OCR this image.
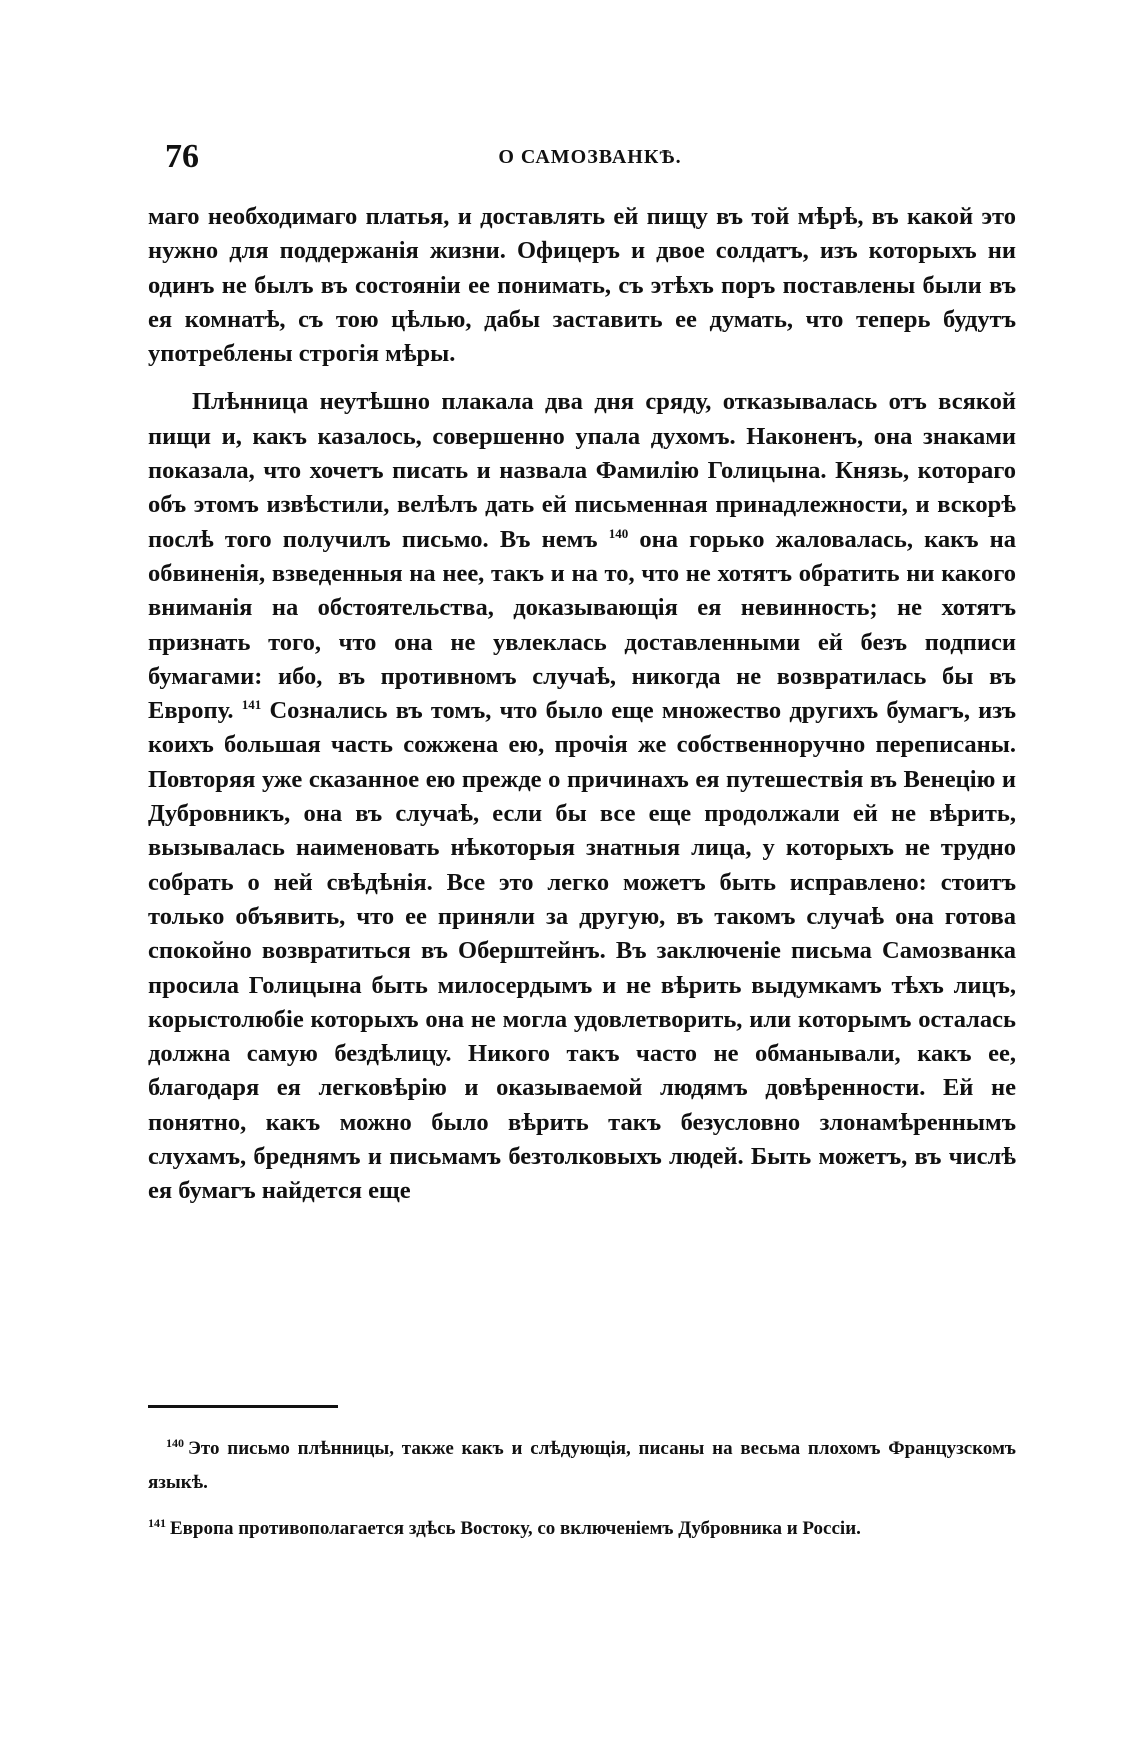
76	О САМОЗВАНКѢ.

маго необходимаго платья, и доставлять ей пищу въ той мѣрѣ, въ какой это нужно для поддержанія жизни. Офицеръ и двое солдатъ, изъ которыхъ ни одинъ не былъ въ состояніи ее понимать, съ этѣхъ поръ поставлены были въ ея комнатѣ, съ тою цѣлью, дабы заставить ее думать, что теперь будутъ употреблены строгія мѣры.

Плѣнница неутѣшно плакала два дня сряду, отказывалась отъ всякой пищи и, какъ казалось, совершенно упала духомъ. Наконенъ, она знаками показала, что хочетъ писать и назвала Фамилію Голицына. Князь, котораго объ этомъ извѣстили, велѣлъ дать ей письменная принадлежности, и вскорѣ послѣ того получилъ письмо. Въ немъ $^{140}$ она горько жаловалась, какъ на обвиненія, взведенныя на нее, такъ и на то, что не хотятъ обратить ни какого вниманія на обстоятельства, доказывающія ея невинность; не хотятъ признать того, что она не увлеклась доставленными ей безъ подписи бумагами: ибо, въ противномъ случаѣ, никогда не возвратилась бы въ Европу. $^{141}$ Сознались въ томъ, что было еще множество другихъ бумагъ, изъ коихъ большая часть сожжена ею, прочія же собственноручно переписаны. Повторяя уже сказанное ею прежде о причинахъ ея путешествія въ Венецію и Дубровникъ, она въ случаѣ, если бы все еще продолжали ей не вѣрить, вызывалась наименовать нѣкоторыя знатныя лица, у которыхъ не трудно собрать о ней свѣдѣнія. Все это легко можетъ быть исправлено: стоитъ только объявить, что ее приняли за другую, въ такомъ случаѣ она готова спокойно возвратиться въ Оберштейнъ. Въ заключеніе письма Самозванка просила Голицына быть милосердымъ и не вѣрить выдумкамъ тѣхъ лицъ, корыстолюбіе которыхъ она не могла удовлетворить, или которымъ осталась должна самую бездѣлицу. Никого такъ часто не обманывали, какъ ее, благодаря ея легковѣрію и оказываемой людямъ довѣренности. Ей не понятно, какъ можно было вѣрить такъ безусловно злонамѣреннымъ слухамъ, бреднямъ и письмамъ безтолковыхъ людей. Быть можетъ, въ числѣ ея бумагъ найдется еще

$^{140}$ Это письмо плѣнницы, также какъ и слѣдующія, писаны на весьма плохомъ Французскомъ языкѣ.

$^{141}$ Европа противополагается здѣсь Востоку, со включеніемъ Дубровника и Россіи.
